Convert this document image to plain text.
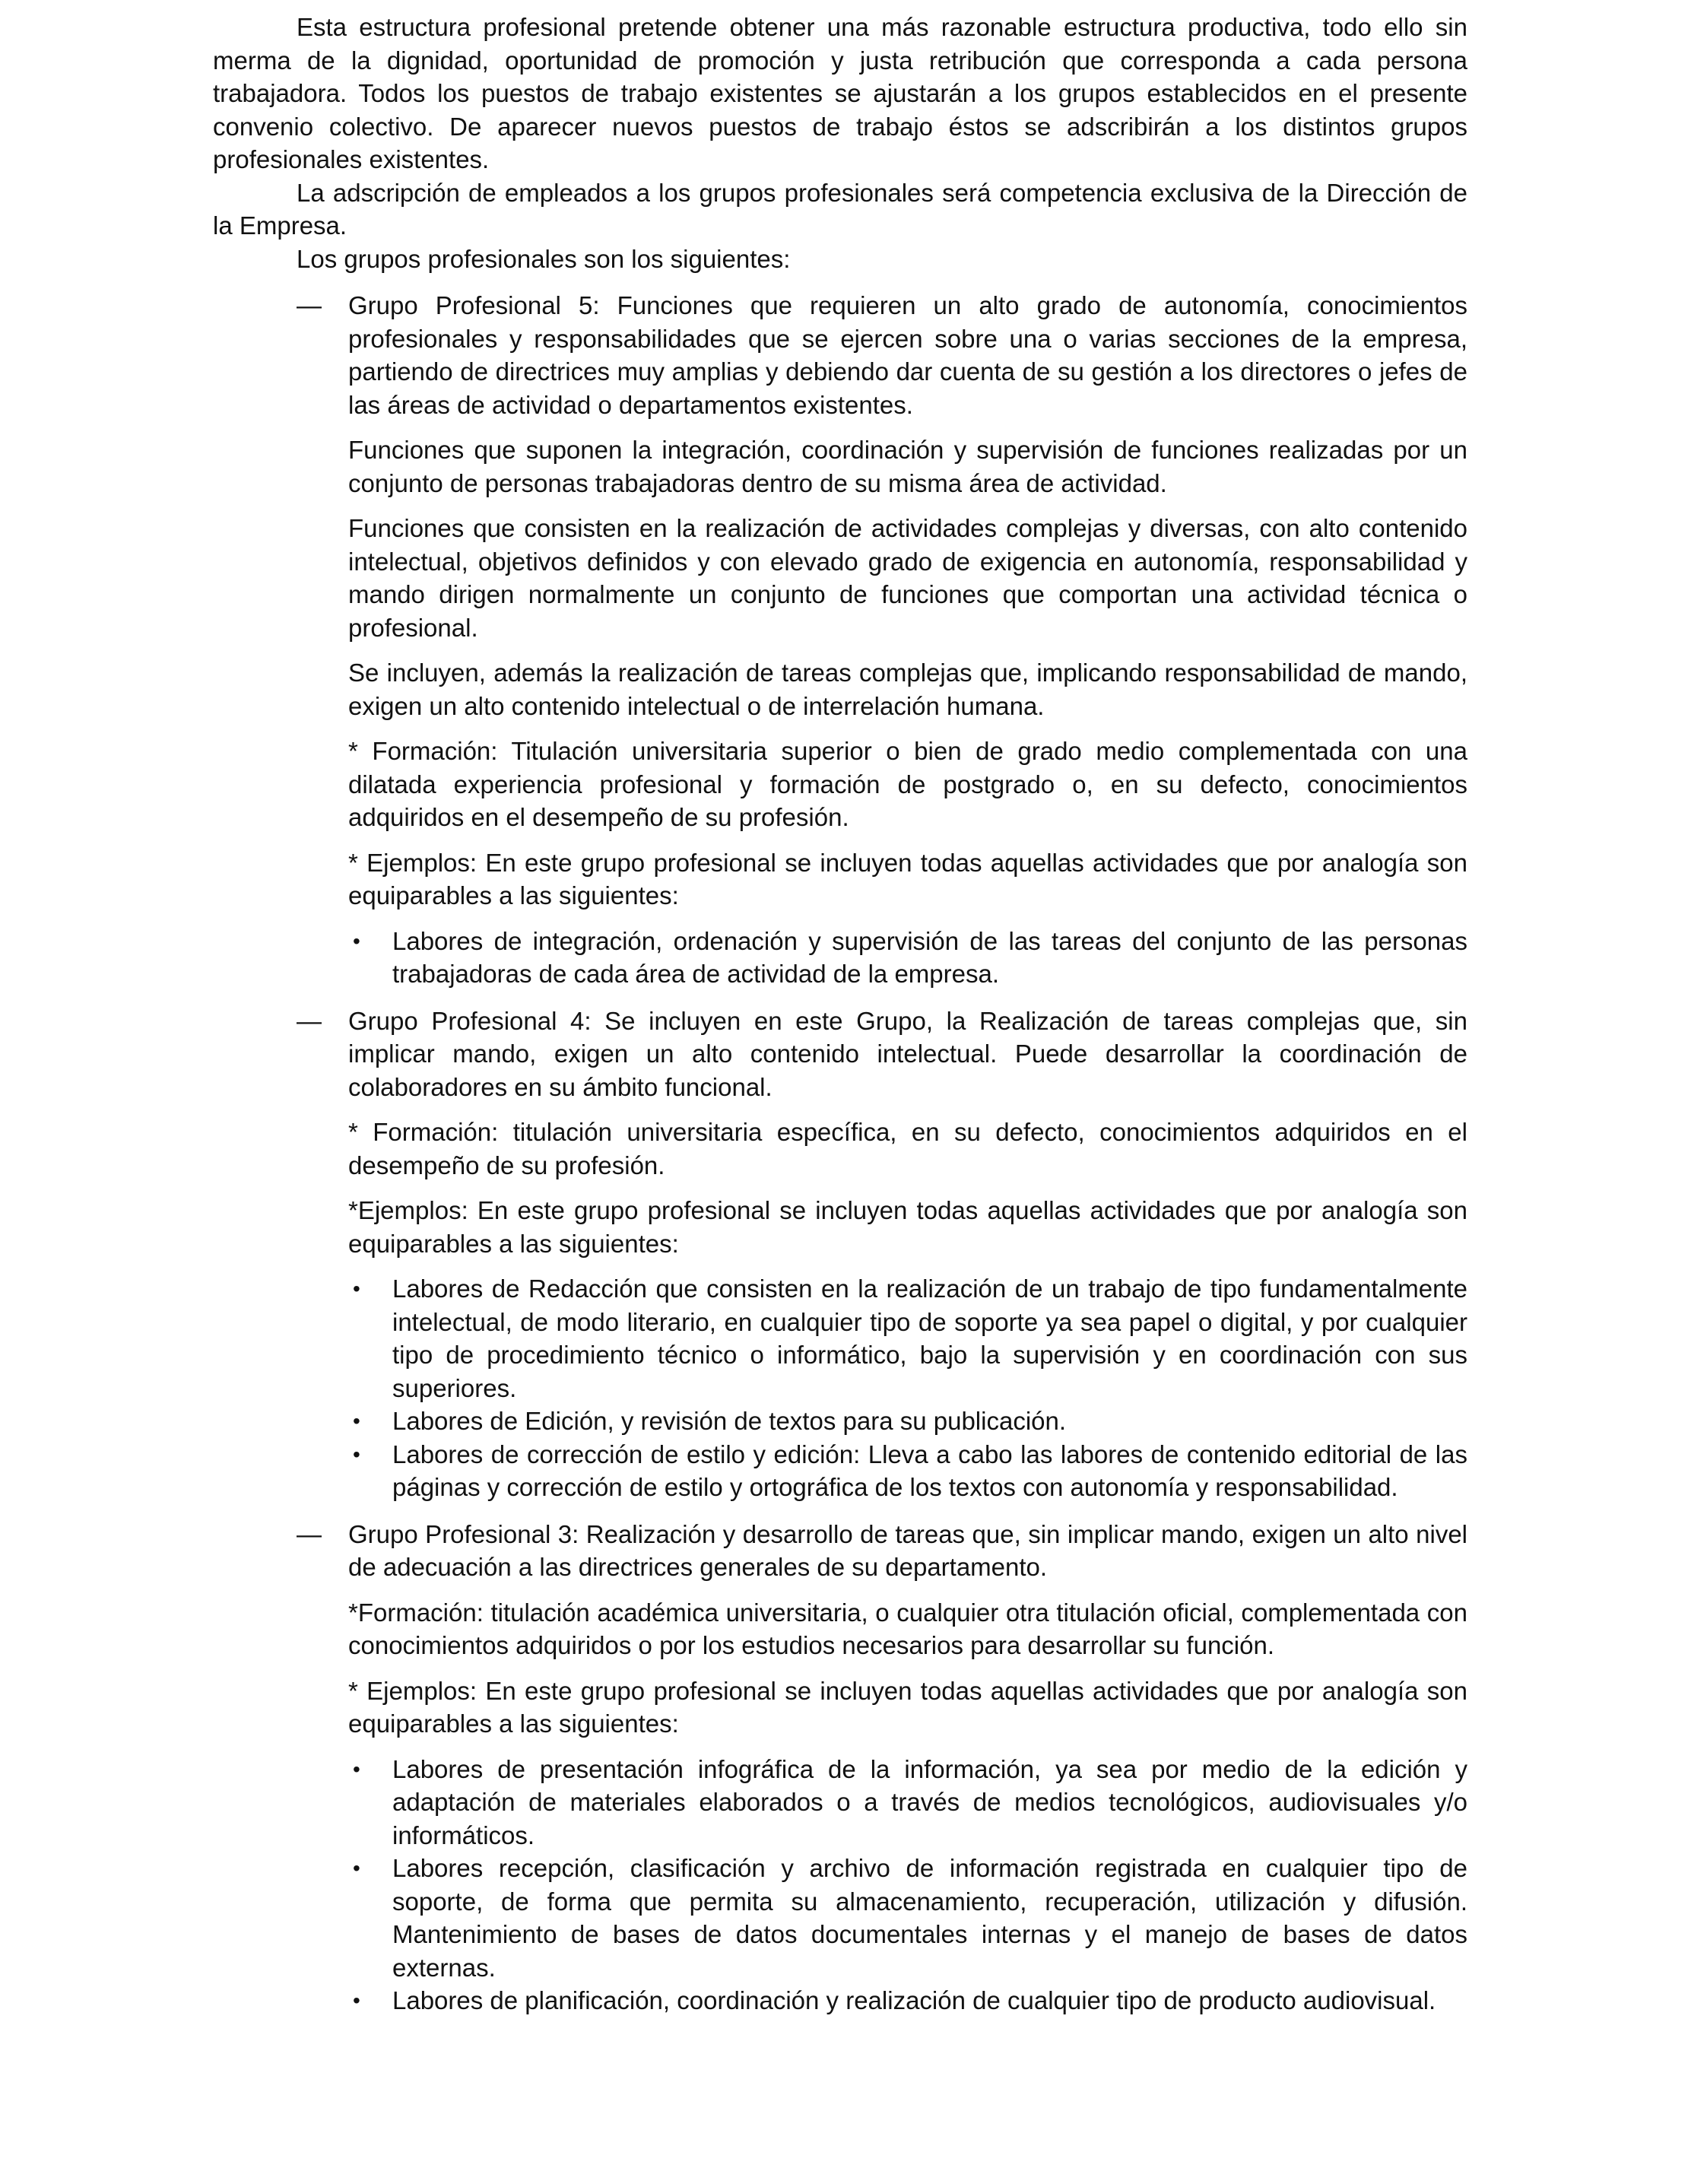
Esta estructura profesional pretende obtener una más razonable estructura productiva, todo ello sin merma de la dignidad, oportunidad de promoción y justa retribución que corresponda a cada persona trabajadora. Todos los puestos de trabajo existentes se ajustarán a los grupos establecidos en el presente convenio colectivo. De aparecer nuevos puestos de trabajo éstos se adscribirán a los distintos grupos profesionales existentes.

La adscripción de empleados a los grupos profesionales será competencia exclusiva de la Dirección de la Empresa.

Los grupos profesionales son los siguientes:

—	Grupo Profesional 5: Funciones que requieren un alto grado de autonomía, conocimientos profesionales y responsabilidades que se ejercen sobre una o varias secciones de la empresa, partiendo de directrices muy amplias y debiendo dar cuenta de su gestión a los directores o jefes de las áreas de actividad o departamentos existentes.

Funciones que suponen la integración, coordinación y supervisión de funciones realizadas por un conjunto de personas trabajadoras dentro de su misma área de actividad.

Funciones que consisten en la realización de actividades complejas y diversas, con alto contenido intelectual, objetivos definidos y con elevado grado de exigencia en autonomía, responsabilidad y mando dirigen normalmente un conjunto de funciones que comportan una actividad técnica o profesional.

Se incluyen, además la realización de tareas complejas que, implicando responsabilidad de mando, exigen un alto contenido intelectual o de interrelación humana.

* Formación: Titulación universitaria superior o bien de grado medio complementada con una dilatada experiencia profesional y formación de postgrado o, en su defecto, conocimientos adquiridos en el desempeño de su profesión.

* Ejemplos: En este grupo profesional se incluyen todas aquellas actividades que por analogía son equiparables a las siguientes:

• Labores de integración, ordenación y supervisión de las tareas del conjunto de las personas trabajadoras de cada área de actividad de la empresa.
—	Grupo Profesional 4: Se incluyen en este Grupo, la Realización de tareas complejas que, sin implicar mando, exigen un alto contenido intelectual. Puede desarrollar la coordinación de colaboradores en su ámbito funcional.

* Formación: titulación universitaria específica, en su defecto, conocimientos adquiridos en el desempeño de su profesión.

*Ejemplos: En este grupo profesional se incluyen todas aquellas actividades que por analogía son equiparables a las siguientes:

• Labores de Redacción que consisten en la realización de un trabajo de tipo fundamentalmente intelectual, de modo literario, en cualquier tipo de soporte ya sea papel o digital, y por cualquier tipo de procedimiento técnico o informático, bajo la supervisión y en coordinación con sus superiores.
• Labores de Edición, y revisión de textos para su publicación.
• Labores de corrección de estilo y edición: Lleva a cabo las labores de contenido editorial de las páginas y corrección de estilo y ortográfica de los textos con autonomía y responsabilidad.
—	Grupo Profesional 3: Realización y desarrollo de tareas que, sin implicar mando, exigen un alto nivel de adecuación a las directrices generales de su departamento.

*Formación: titulación académica universitaria, o cualquier otra titulación oficial, complementada con conocimientos adquiridos o por los estudios necesarios para desarrollar su función.

* Ejemplos: En este grupo profesional se incluyen todas aquellas actividades que por analogía son equiparables a las siguientes:

• Labores de presentación infográfica de la información, ya sea por medio de la edición y adaptación de materiales elaborados o a través de medios tecnológicos, audiovisuales y/o informáticos.
• Labores recepción, clasificación y archivo de información registrada en cualquier tipo de soporte, de forma que permita su almacenamiento, recuperación, utilización y difusión. Mantenimiento de bases de datos documentales internas y el manejo de bases de datos externas.
• Labores de planificación, coordinación y realización de cualquier tipo de producto audiovisual.
